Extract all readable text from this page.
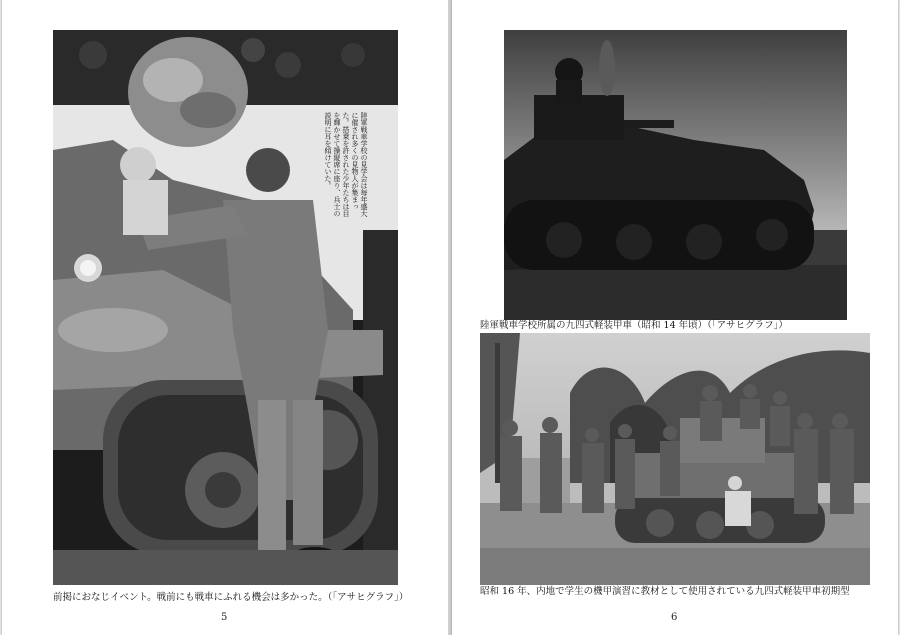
陸軍戦車学校の見学会は毎年盛大に催され多くの見物人が集まった。搭乗を許された少年たちは目を輝かせて操縦席に座り、兵士の説明に耳を傾けていた。
前掲におなじイベント。戦前にも戦車にふれる機会は多かった。（「アサヒグラフ」）
5
陸軍戦車学校所属の九四式軽装甲車（昭和 14 年頃）（「アサヒグラフ」）
昭和 16 年、内地で学生の機甲演習に教材として使用されている九四式軽装甲車初期型
6
